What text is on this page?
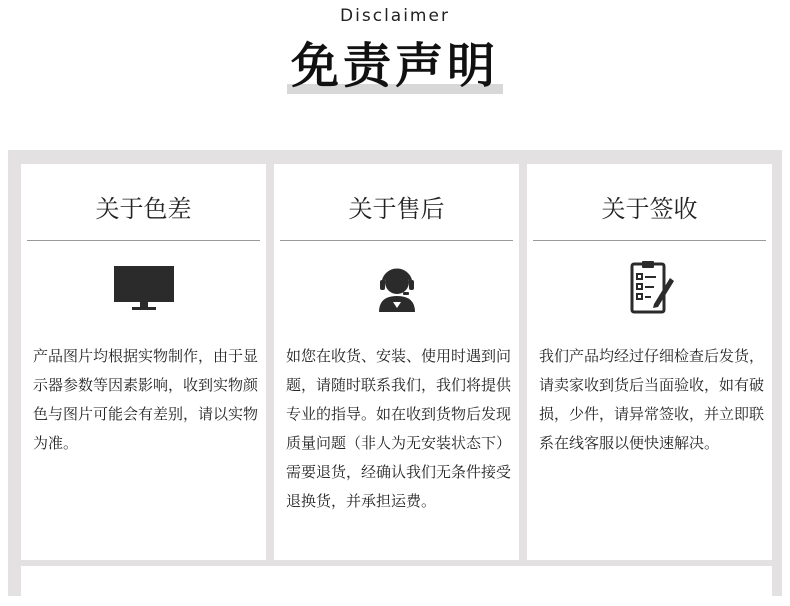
Disclaimer
免责声明
关于色差
产品图片均根据实物制作，由于显示器参数等因素影响，收到实物颜色与图片可能会有差别，请以实物为准。
关于售后
如您在收货、安装、使用时遇到问题，请随时联系我们，我们将提供专业的指导。如在收到货物后发现质量问题（非人为无安装状态下）需要退货，经确认我们无条件接受退换货，并承担运费。
关于签收
我们产品均经过仔细检查后发货，请卖家收到货后当面验收，如有破损，少件，请异常签收，并立即联系在线客服以便快速解决。
